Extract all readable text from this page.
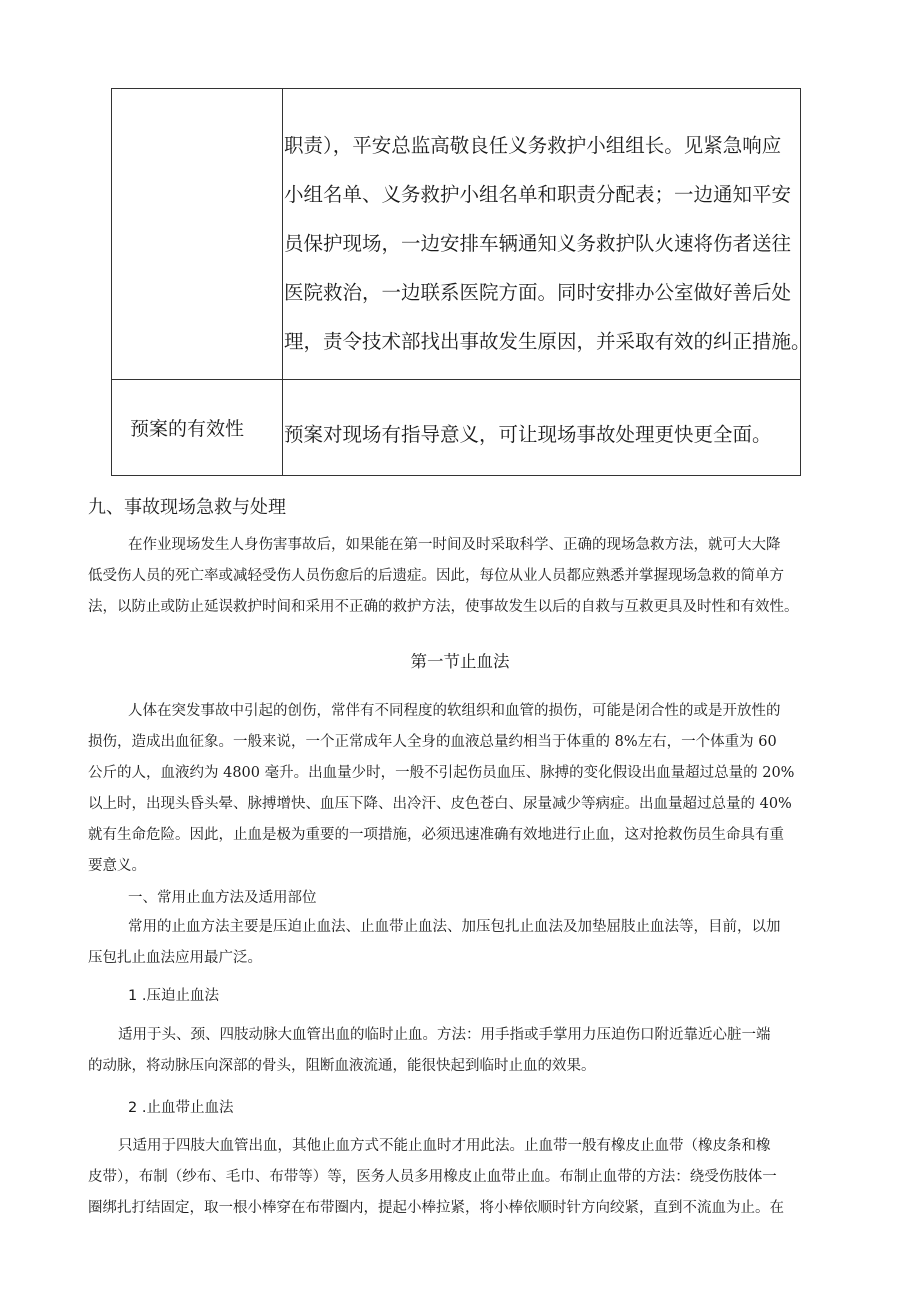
职责），平安总监高敬良任义务救护小组组长。见紧急响应
小组名单、义务救护小组名单和职责分配表；一边通知平安
员保护现场，一边安排车辆通知义务救护队火速将伤者送往
医院救治，一边联系医院方面。同时安排办公室做好善后处
理，责令技术部找出事故发生原因，并采取有效的纠正措施。
预案的有效性 预案对现场有指导意义，可让现场事故处理更快更全面。
九、事故现场急救与处理

在作业现场发生人身伤害事故后，如果能在第一时间及时采取科学、正确的现场急救方法，就可大大降

低受伤人员的死亡率或减轻受伤人员伤愈后的后遗症。因此，每位从业人员都应熟悉并掌握现场急救的简单方

法，以防止或防止延误救护时间和采用不正确的救护方法，使事故发生以后的自救与互救更具及时性和有效性。

第一节止血法

人体在突发事故中引起的创伤，常伴有不同程度的软组织和血管的损伤，可能是闭合性的或是开放性的

损伤，造成出血征象。一般来说，一个正常成年人全身的血液总量约相当于体重的 8%左右，一个体重为 60

公斤的人，血液约为 4800 毫升。出血量少时，一般不引起伤员血压、脉搏的变化假设出血量超过总量的 20%

以上时，出现头昏头晕、脉搏增快、血压下降、出冷汗、皮色苍白、尿量减少等病症。出血量超过总量的 40%

就有生命危险。因此，止血是极为重要的一项措施，必须迅速准确有效地进行止血，这对抢救伤员生命具有重

要意义。

一、常用止血方法及适用部位

常用的止血方法主要是压迫止血法、止血带止血法、加压包扎止血法及加垫屈肢止血法等，目前，以加

压包扎止血法应用最广泛。

1 .压迫止血法

适用于头、颈、四肢动脉大血管出血的临时止血。方法：用手指或手掌用力压迫伤口附近靠近心脏一端

的动脉，将动脉压向深部的骨头，阻断血液流通，能很快起到临时止血的效果。

2 .止血带止血法

只适用于四肢大血管出血，其他止血方式不能止血时才用此法。止血带一般有橡皮止血带（橡皮条和橡

皮带），布制（纱布、毛巾、布带等）等，医务人员多用橡皮止血带止血。布制止血带的方法：绕受伤肢体一

圈绑扎打结固定，取一根小棒穿在布带圈内，提起小棒拉紧，将小棒依顺时针方向绞紧，直到不流血为止。在
